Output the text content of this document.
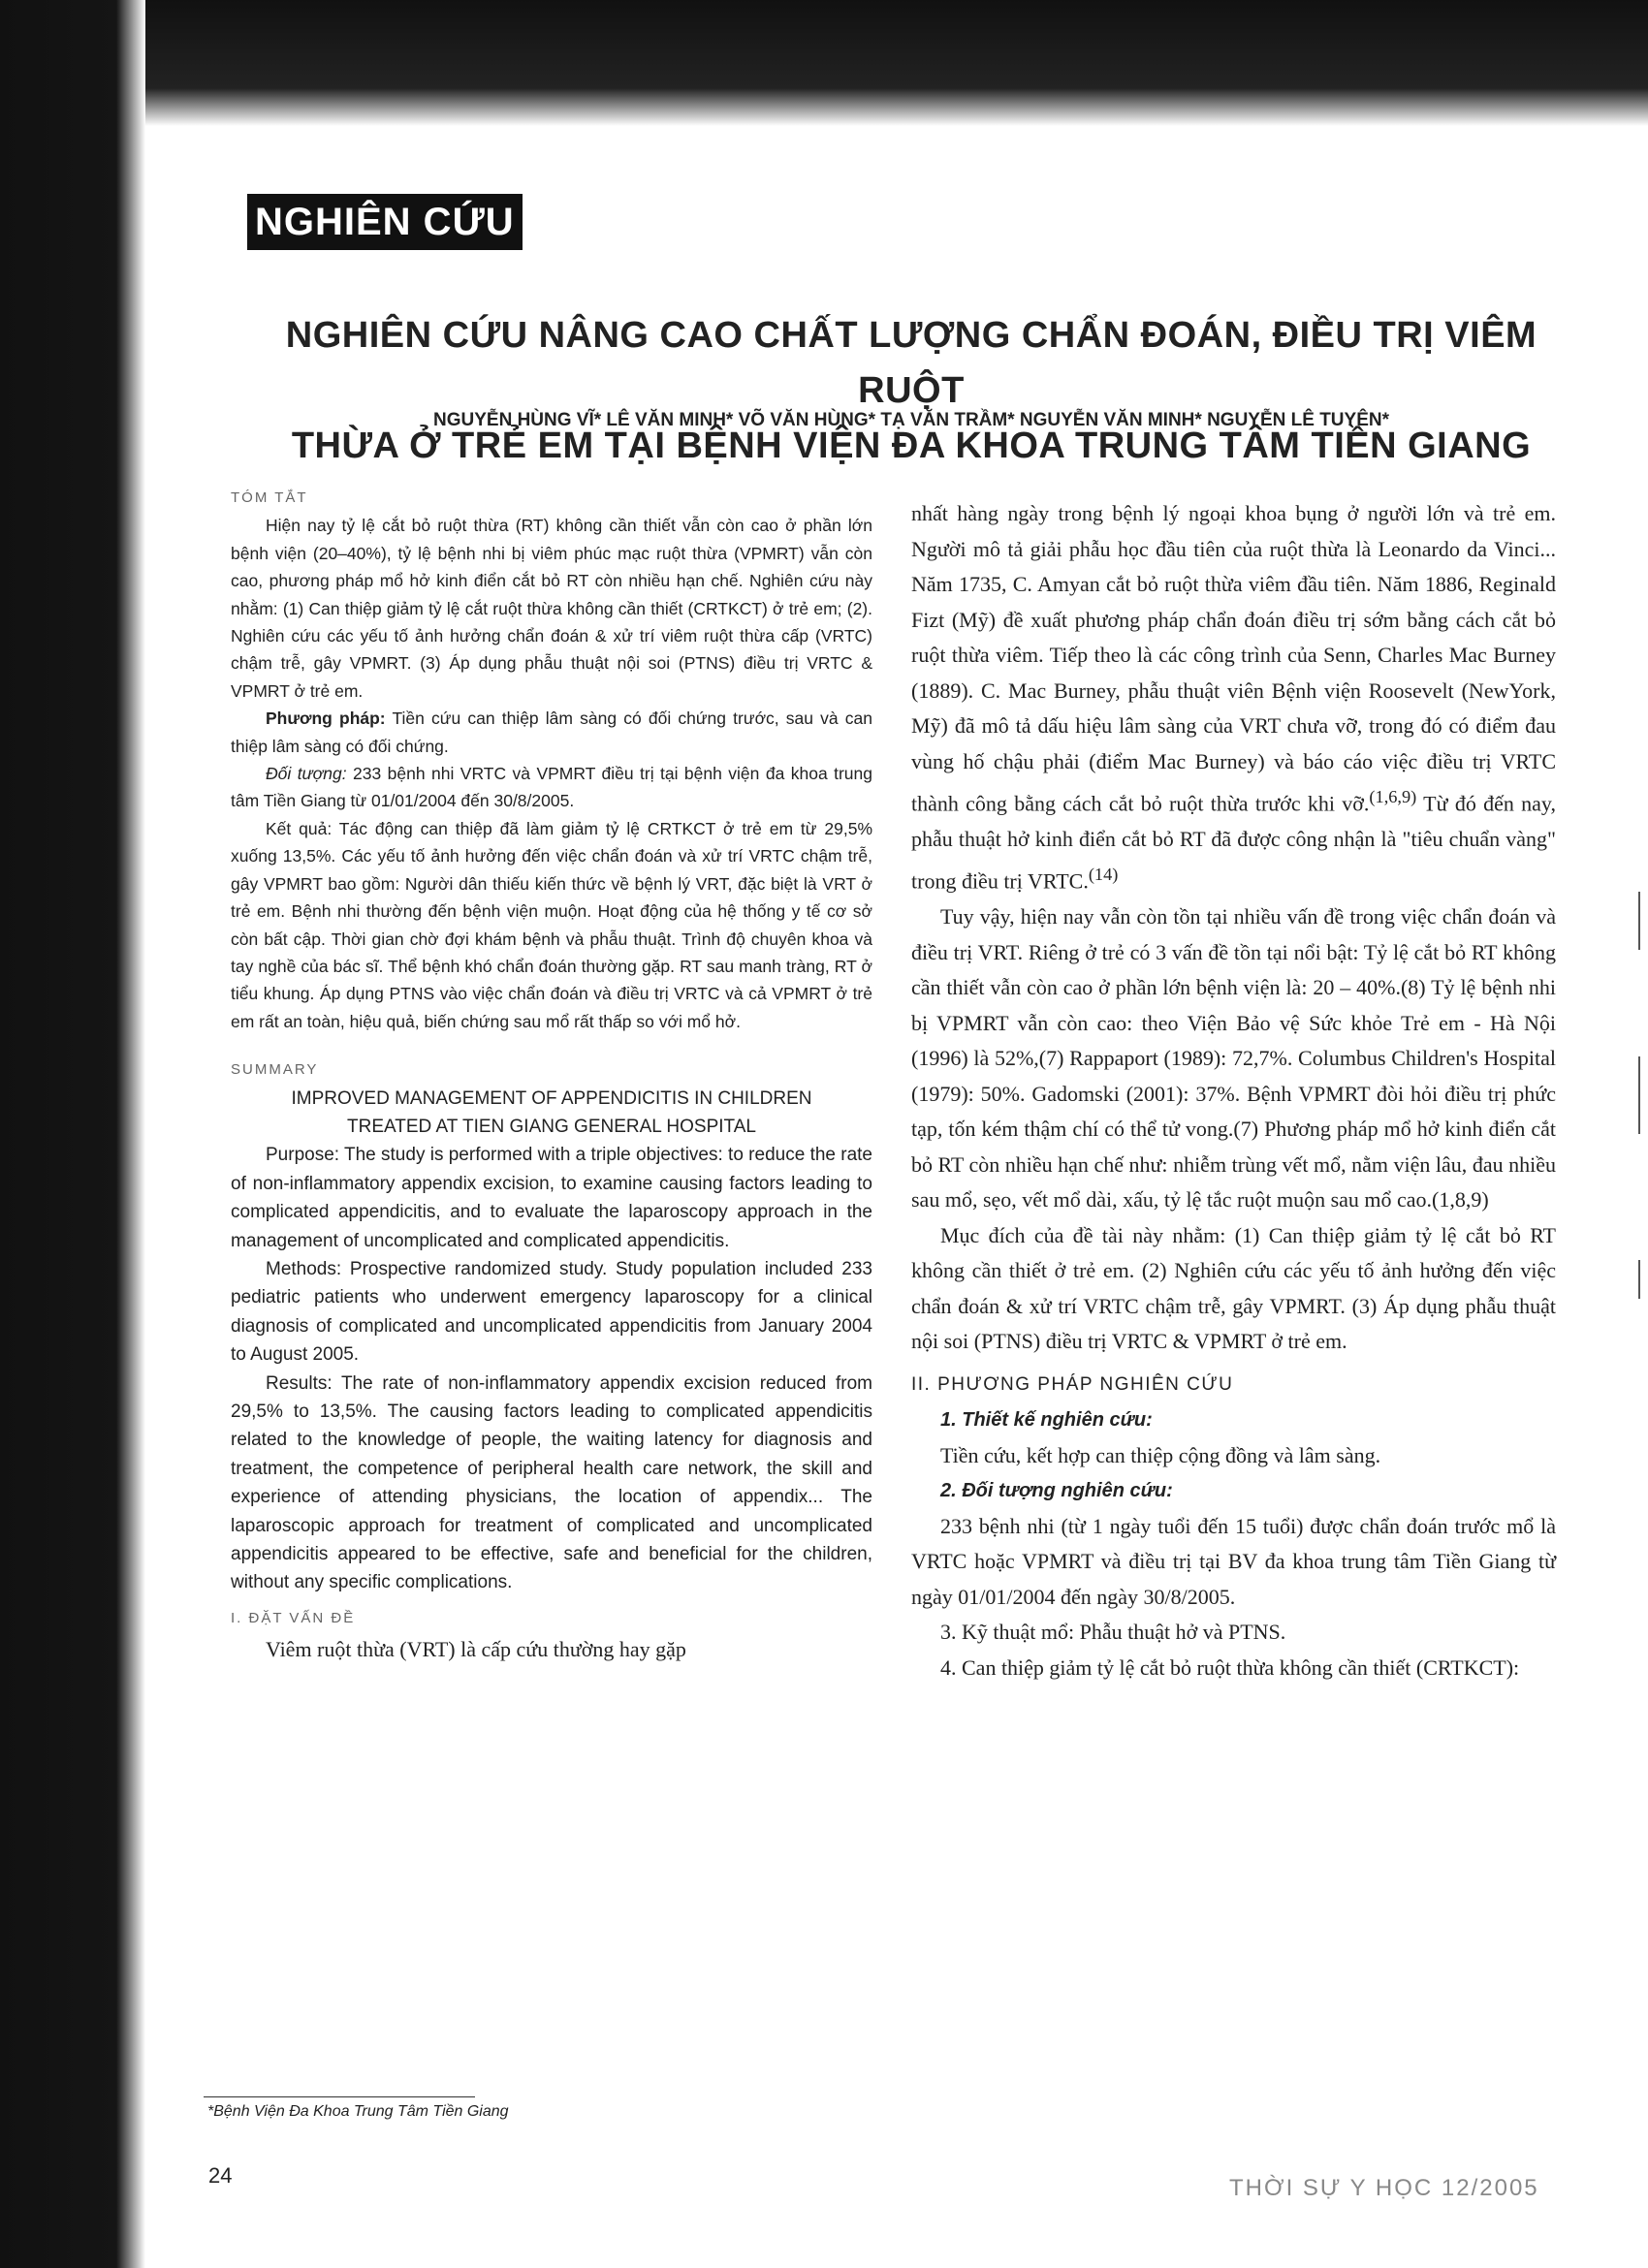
NGHIÊN CỨU
NGHIÊN CỨU NÂNG CAO CHẤT LƯỢNG CHẨN ĐOÁN, ĐIỀU TRỊ VIÊM RUỘT
THỪA Ở TRẺ EM TẠI BỆNH VIỆN ĐA KHOA TRUNG TÂM TIỀN GIANG
NGUYỄN HÙNG VĨ* LÊ VĂN MINH* VÕ VĂN HÙNG* TẠ VĂN TRẦM* NGUYỄN VĂN MINH* NGUYỄN LÊ TUYÊN*

TÓM TẮT

Hiện nay tỷ lệ cắt bỏ ruột thừa (RT) không cần thiết vẫn còn cao ở phần lớn bệnh viện (20–40%), tỷ lệ bệnh nhi bị viêm phúc mạc ruột thừa (VPMRT) vẫn còn cao, phương pháp mổ hở kinh điển cắt bỏ RT còn nhiều hạn chế. Nghiên cứu này nhằm: (1) Can thiệp giảm tỷ lệ cắt ruột thừa không cần thiết (CRTKCT) ở trẻ em; (2). Nghiên cứu các yếu tố ảnh hưởng chẩn đoán & xử trí viêm ruột thừa cấp (VRTC) chậm trễ, gây VPMRT. (3) Áp dụng phẫu thuật nội soi (PTNS) điều trị VRTC & VPMRT ở trẻ em.

Phương pháp: Tiền cứu can thiệp lâm sàng có đối chứng trước, sau và can thiệp lâm sàng có đối chứng.

Đối tượng: 233 bệnh nhi VRTC và VPMRT điều trị tại bệnh viện đa khoa trung tâm Tiền Giang từ 01/01/2004 đến 30/8/2005.

Kết quả: Tác động can thiệp đã làm giảm tỷ lệ CRTKCT ở trẻ em từ 29,5% xuống 13,5%. Các yếu tố ảnh hưởng đến việc chẩn đoán và xử trí VRTC chậm trễ, gây VPMRT bao gồm: Người dân thiếu kiến thức về bệnh lý VRT, đặc biệt là VRT ở trẻ em. Bệnh nhi thường đến bệnh viện muộn. Hoạt động của hệ thống y tế cơ sở còn bất cập. Thời gian chờ đợi khám bệnh và phẫu thuật. Trình độ chuyên khoa và tay nghề của bác sĩ. Thể bệnh khó chẩn đoán thường gặp. RT sau manh tràng, RT ở tiểu khung. Áp dụng PTNS vào việc chẩn đoán và điều trị VRTC và cả VPMRT ở trẻ em rất an toàn, hiệu quả, biến chứng sau mổ rất thấp so với mổ hở.

SUMMARY

IMPROVED MANAGEMENT OF APPENDICITIS IN CHILDREN

TREATED AT TIEN GIANG GENERAL HOSPITAL

Purpose: The study is performed with a triple objectives: to reduce the rate of non-inflammatory appendix excision, to examine causing factors leading to complicated appendicitis, and to evaluate the laparoscopy approach in the management of uncomplicated and complicated appendicitis.

Methods: Prospective randomized study. Study population included 233 pediatric patients who underwent emergency laparoscopy for a clinical diagnosis of complicated and uncomplicated appendicitis from January 2004 to August 2005.

Results: The rate of non-inflammatory appendix excision reduced from 29,5% to 13,5%. The causing factors leading to complicated appendicitis related to the knowledge of people, the waiting latency for diagnosis and treatment, the competence of peripheral health care network, the skill and experience of attending physicians, the location of appendix... The laparoscopic approach for treatment of complicated and uncomplicated appendicitis appeared to be effective, safe and beneficial for the children, without any specific complications.

I. ĐẶT VẤN ĐỀ

Viêm ruột thừa (VRT) là cấp cứu thường hay gặp

nhất hàng ngày trong bệnh lý ngoại khoa bụng ở người lớn và trẻ em. Người mô tả giải phẫu học đầu tiên của ruột thừa là Leonardo da Vinci... Năm 1735, C. Amyan cắt bỏ ruột thừa viêm đầu tiên. Năm 1886, Reginald Fizt (Mỹ) đề xuất phương pháp chẩn đoán điều trị sớm bằng cách cắt bỏ ruột thừa viêm. Tiếp theo là các công trình của Senn, Charles Mac Burney (1889). C. Mac Burney, phẫu thuật viên Bệnh viện Roosevelt (NewYork, Mỹ) đã mô tả dấu hiệu lâm sàng của VRT chưa vỡ, trong đó có điểm đau vùng hố chậu phải (điểm Mac Burney) và báo cáo việc điều trị VRTC thành công bằng cách cắt bỏ ruột thừa trước khi vỡ.$^{(1,6,9)}$ Từ đó đến nay, phẫu thuật hở kinh điển cắt bỏ RT đã được công nhận là "tiêu chuẩn vàng" trong điều trị VRTC.$^{(14)}$

Tuy vậy, hiện nay vẫn còn tồn tại nhiều vấn đề trong việc chẩn đoán và điều trị VRT. Riêng ở trẻ có 3 vấn đề tồn tại nổi bật: Tỷ lệ cắt bỏ RT không cần thiết vẫn còn cao ở phần lớn bệnh viện là: 20 – 40%.(8) Tỷ lệ bệnh nhi bị VPMRT vẫn còn cao: theo Viện Bảo vệ Sức khỏe Trẻ em - Hà Nội (1996) là 52%,(7) Rappaport (1989): 72,7%. Columbus Children's Hospital (1979): 50%. Gadomski (2001): 37%. Bệnh VPMRT đòi hỏi điều trị phức tạp, tốn kém thậm chí có thể tử vong.(7) Phương pháp mổ hở kinh điển cắt bỏ RT còn nhiều hạn chế như: nhiễm trùng vết mổ, nằm viện lâu, đau nhiều sau mổ, sẹo, vết mổ dài, xấu, tỷ lệ tắc ruột muộn sau mổ cao.(1,8,9)

Mục đích của đề tài này nhằm: (1) Can thiệp giảm tỷ lệ cắt bỏ RT không cần thiết ở trẻ em. (2) Nghiên cứu các yếu tố ảnh hưởng đến việc chẩn đoán & xử trí VRTC chậm trễ, gây VPMRT. (3) Áp dụng phẫu thuật nội soi (PTNS) điều trị VRTC & VPMRT ở trẻ em.

II. PHƯƠNG PHÁP NGHIÊN CỨU

1. Thiết kế nghiên cứu:

Tiền cứu, kết hợp can thiệp cộng đồng và lâm sàng.

2. Đối tượng nghiên cứu:

233 bệnh nhi (từ 1 ngày tuổi đến 15 tuổi) được chẩn đoán trước mổ là VRTC hoặc VPMRT và điều trị tại BV đa khoa trung tâm Tiền Giang từ ngày 01/01/2004 đến ngày 30/8/2005.

3. Kỹ thuật mổ: Phẫu thuật hở và PTNS.

4. Can thiệp giảm tỷ lệ cắt bỏ ruột thừa không cần thiết (CRTKCT):

*Bệnh Viện Đa Khoa Trung Tâm Tiền Giang
24	THỜI SỰ Y HỌC 12/2005
